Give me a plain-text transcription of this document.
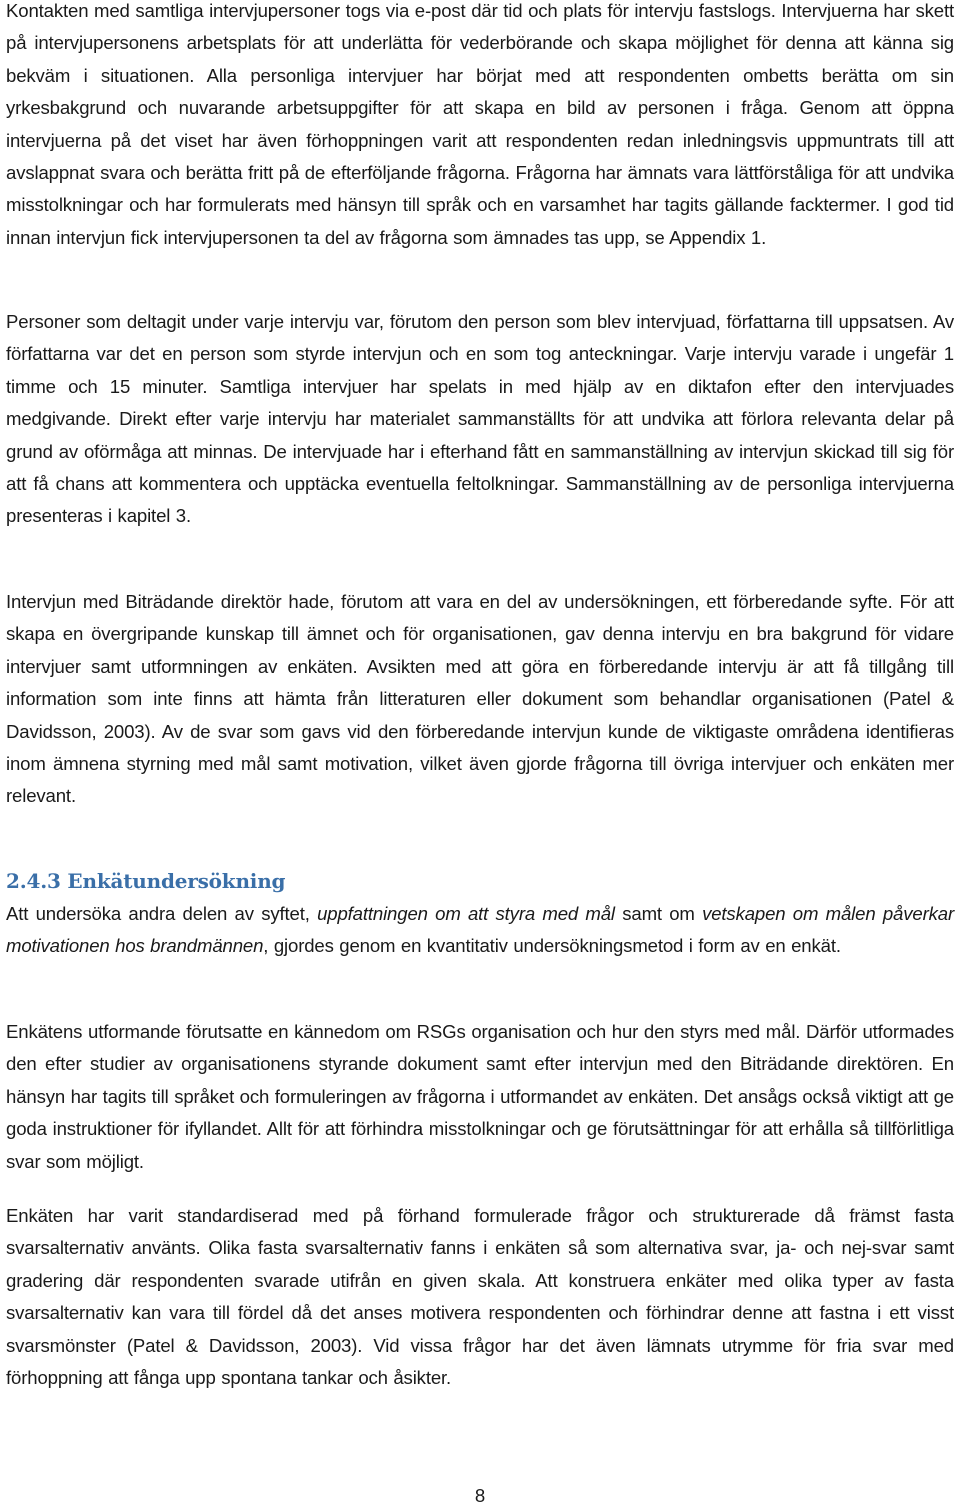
Kontakten med samtliga intervjupersoner togs via e-post där tid och plats för intervju fastslogs. Intervjuerna har skett på intervjupersonens arbetsplats för att underlätta för vederbörande och skapa möjlighet för denna att känna sig bekväm i situationen. Alla personliga intervjuer har börjat med att respondenten ombetts berätta om sin yrkesbakgrund och nuvarande arbetsuppgifter för att skapa en bild av personen i fråga. Genom att öppna intervjuerna på det viset har även förhoppningen varit att respondenten redan inledningsvis uppmuntrats till att avslappnat svara och berätta fritt på de efterföljande frågorna. Frågorna har ämnats vara lättförståliga för att undvika misstolkningar och har formulerats med hänsyn till språk och en varsamhet har tagits gällande facktermer. I god tid innan intervjun fick intervjupersonen ta del av frågorna som ämnades tas upp, se Appendix 1.

Personer som deltagit under varje intervju var, förutom den person som blev intervjuad, författarna till uppsatsen. Av författarna var det en person som styrde intervjun och en som tog anteckningar. Varje intervju varade i ungefär 1 timme och 15 minuter. Samtliga intervjuer har spelats in med hjälp av en diktafon efter den intervjuades medgivande. Direkt efter varje intervju har materialet sammanställts för att undvika att förlora relevanta delar på grund av oförmåga att minnas. De intervjuade har i efterhand fått en sammanställning av intervjun skickad till sig för att få chans att kommentera och upptäcka eventuella feltolkningar. Sammanställning av de personliga intervjuerna presenteras i kapitel 3.

Intervjun med Biträdande direktör hade, förutom att vara en del av undersökningen, ett förberedande syfte. För att skapa en övergripande kunskap till ämnet och för organisationen, gav denna intervju en bra bakgrund för vidare intervjuer samt utformningen av enkäten. Avsikten med att göra en förberedande intervju är att få tillgång till information som inte finns att hämta från litteraturen eller dokument som behandlar organisationen (Patel & Davidsson, 2003). Av de svar som gavs vid den förberedande intervjun kunde de viktigaste områdena identifieras inom ämnena styrning med mål samt motivation, vilket även gjorde frågorna till övriga intervjuer och enkäten mer relevant.

2.4.3 Enkätundersökning

Att undersöka andra delen av syftet, uppfattningen om att styra med mål samt om vetskapen om målen påverkar motivationen hos brandmännen, gjordes genom en kvantitativ undersökningsmetod i form av en enkät.

Enkätens utformande förutsatte en kännedom om RSGs organisation och hur den styrs med mål. Därför utformades den efter studier av organisationens styrande dokument samt efter intervjun med den Biträdande direktören. En hänsyn har tagits till språket och formuleringen av frågorna i utformandet av enkäten. Det ansågs också viktigt att ge goda instruktioner för ifyllandet. Allt för att förhindra misstolkningar och ge förutsättningar för att erhålla så tillförlitliga svar som möjligt.

Enkäten har varit standardiserad med på förhand formulerade frågor och strukturerade då främst fasta svarsalternativ använts. Olika fasta svarsalternativ fanns i enkäten så som alternativa svar, ja- och nej-svar samt gradering där respondenten svarade utifrån en given skala. Att konstruera enkäter med olika typer av fasta svarsalternativ kan vara till fördel då det anses motivera respondenten och förhindrar denne att fastna i ett visst svarsmönster (Patel & Davidsson, 2003). Vid vissa frågor har det även lämnats utrymme för fria svar med förhoppning att fånga upp spontana tankar och åsikter.

8
